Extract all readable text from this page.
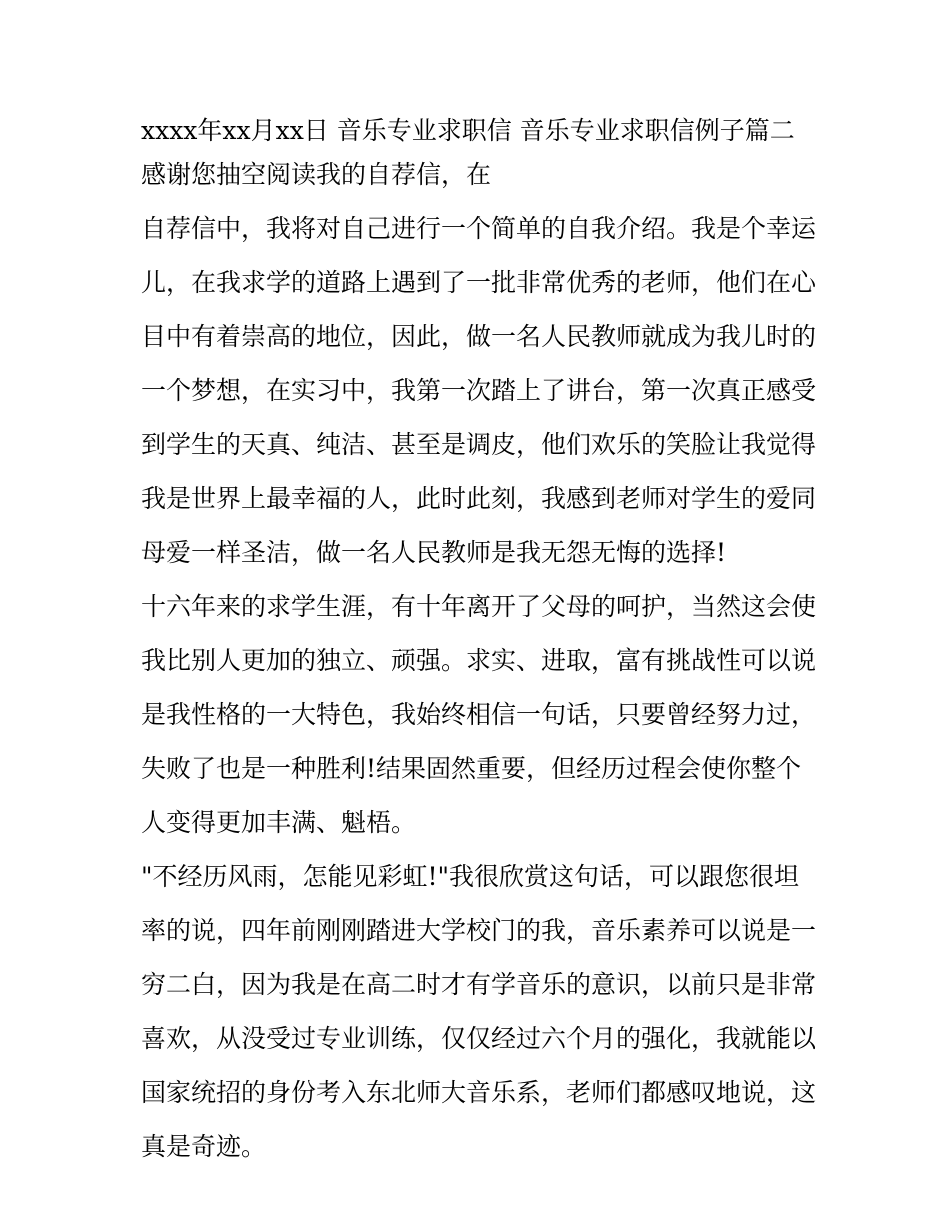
xxxx年xx月xx日 音乐专业求职信 音乐专业求职信例子篇二
感谢您抽空阅读我的自荐信，在
自荐信中，我将对自己进行一个简单的自我介绍。我是个幸运
儿，在我求学的道路上遇到了一批非常优秀的老师，他们在心
目中有着崇高的地位，因此，做一名人民教师就成为我儿时的
一个梦想，在实习中，我第一次踏上了讲台，第一次真正感受
到学生的天真、纯洁、甚至是调皮，他们欢乐的笑脸让我觉得
我是世界上最幸福的人，此时此刻，我感到老师对学生的爱同
母爱一样圣洁，做一名人民教师是我无怨无悔的选择!
十六年来的求学生涯，有十年离开了父母的呵护，当然这会使
我比别人更加的独立、顽强。求实、进取，富有挑战性可以说
是我性格的一大特色，我始终相信一句话，只要曾经努力过，
失败了也是一种胜利!结果固然重要，但经历过程会使你整个
人变得更加丰满、魁梧。
"不经历风雨，怎能见彩虹!"我很欣赏这句话，可以跟您很坦
率的说，四年前刚刚踏进大学校门的我，音乐素养可以说是一
穷二白，因为我是在高二时才有学音乐的意识，以前只是非常
喜欢，从没受过专业训练，仅仅经过六个月的强化，我就能以
国家统招的身份考入东北师大音乐系，老师们都感叹地说，这
真是奇迹。
